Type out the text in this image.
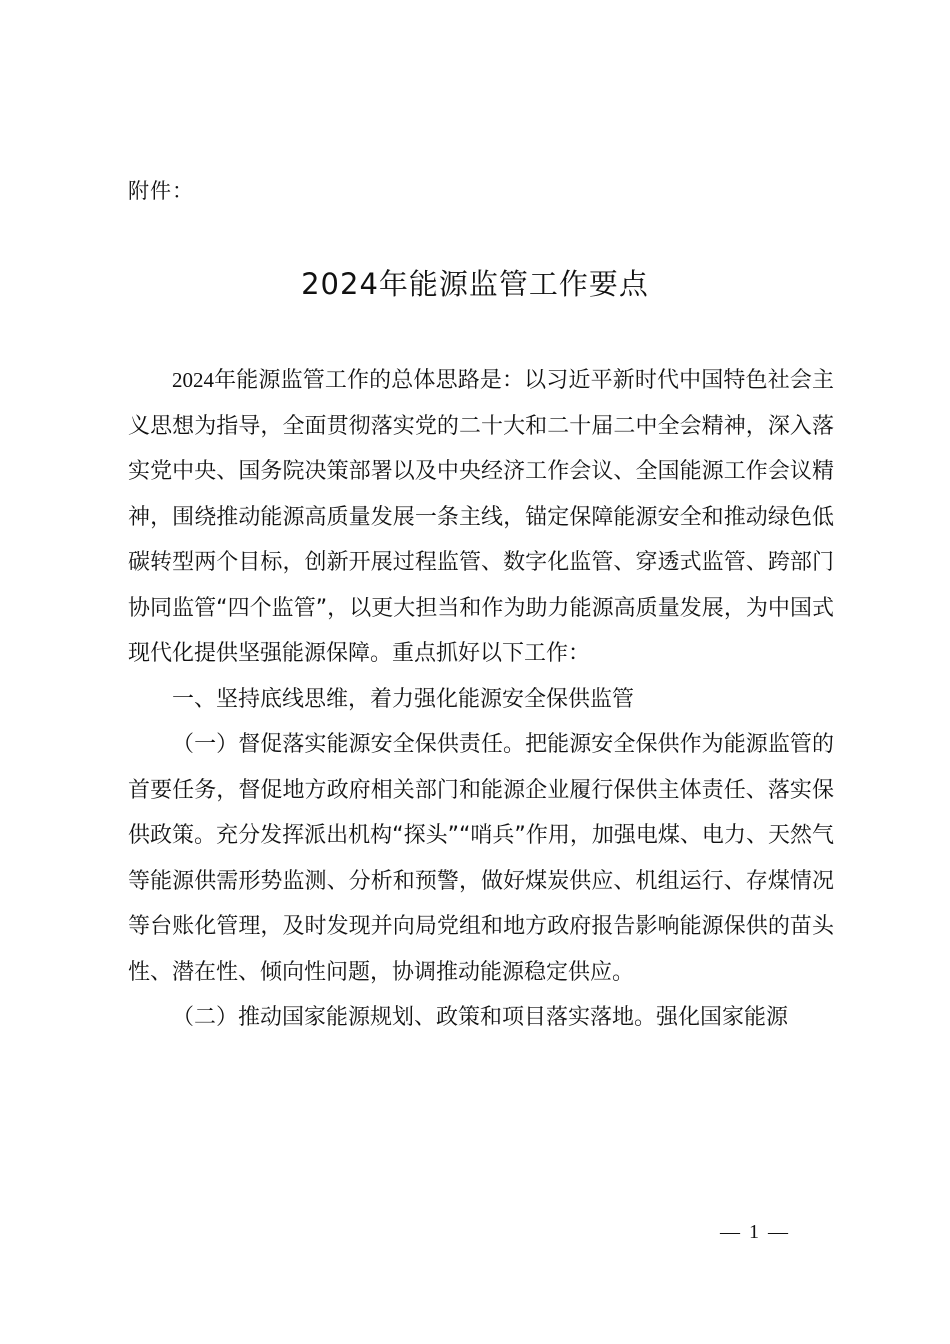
附件：
2024年能源监管工作要点

2024年能源监管工作的总体思路是：以习近平新时代中国特色社会主义思想为指导，全面贯彻落实党的二十大和二十届二中全会精神，深入落实党中央、国务院决策部署以及中央经济工作会议、全国能源工作会议精神，围绕推动能源高质量发展一条主线，锚定保障能源安全和推动绿色低碳转型两个目标，创新开展过程监管、数字化监管、穿透式监管、跨部门协同监管“四个监管”，以更大担当和作为助力能源高质量发展，为中国式现代化提供坚强能源保障。重点抓好以下工作：

一、坚持底线思维，着力强化能源安全保供监管

（一）督促落实能源安全保供责任。把能源安全保供作为能源监管的首要任务，督促地方政府相关部门和能源企业履行保供主体责任、落实保供政策。充分发挥派出机构“探头”“哨兵”作用，加强电煤、电力、天然气等能源供需形势监测、分析和预警，做好煤炭供应、机组运行、存煤情况等台账化管理，及时发现并向局党组和地方政府报告影响能源保供的苗头性、潜在性、倾向性问题，协调推动能源稳定供应。

（二）推动国家能源规划、政策和项目落实落地。强化国家能源

— 1 —
